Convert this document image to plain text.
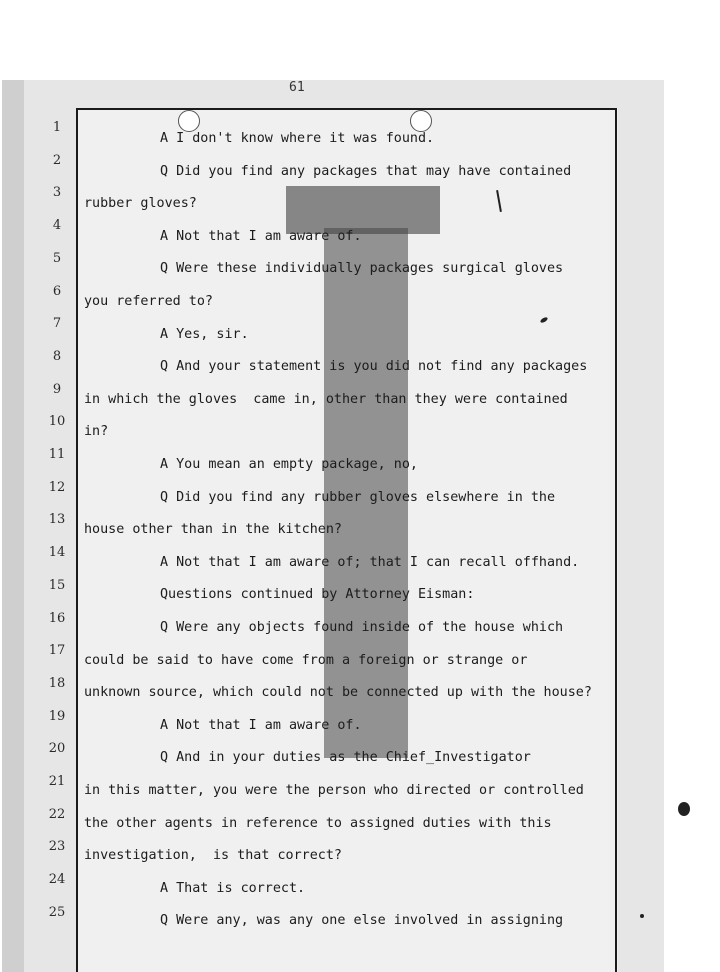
61
1
2
3
4
5
6
7
8
9
10
11
12
13
14
15
16
17
18
19
20
21
22
23
24
25
A I don't know where it was found.
Q Did you find any packages that may have contained
rubber gloves?
A Not that I am aware of.
Q Were these individually packages surgical gloves
you referred to?
A Yes, sir.
Q And your statement is you did not find any packages
in which the gloves  came in, other than they were contained
in?
A You mean an empty package, no,
Q Did you find any rubber gloves elsewhere in the
house other than in the kitchen?
A Not that I am aware of; that I can recall offhand.
Questions continued by Attorney Eisman:
Q Were any objects found inside of the house which
could be said to have come from a foreign or strange or
unknown source, which could not be connected up with the house?
A Not that I am aware of.
Q And in your duties as the Chief_Investigator
in this matter, you were the person who directed or controlled
the other agents in reference to assigned duties with this
investigation,  is that correct?
A That is correct.
Q Were any, was any one else involved in assigning
